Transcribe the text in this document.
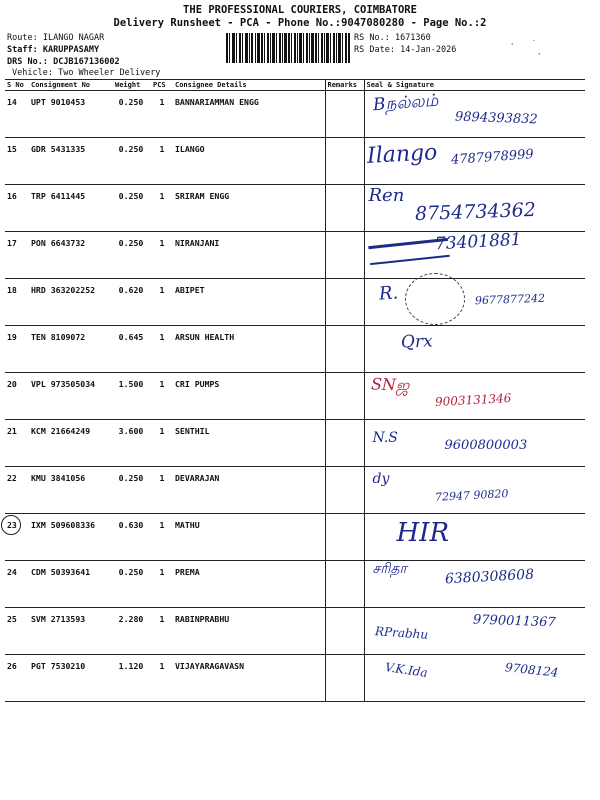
THE PROFESSIONAL COURIERS, COIMBATORE
Delivery Runsheet - PCA - Phone No.:9047080280 - Page No.:2
Route: ILANGO NAGAR
Staff: KARUPPASAMY
DRS No.: DCJB167136002
Vehicle: Two Wheeler Delivery
RS No.: 1671360
RS Date: 14-Jan-2026	·   ˙
·
S No	Consignment No	Weight	PCS	Consignee Details	Remarks	Seal & Signature
14	UPT 9010453	0.250	1	BANNARIAMMAN ENGG		Bநல்லம்
9894393832

15	GDR 5431335	0.250	1	ILANGO		Ilango 4787978999

16	TRP 6411445	0.250	1	SRIRAM ENGG		Ren
8754734362

17	PON 6643732	0.250	1	NIRANJANI		73401881

18	HRD 363202252	0.620	1	ABIPET		R. 9677877242

19	TEN 8109072	0.645	1	ARSUN HEALTH		Qrx

20	VPL 973505034	1.500	1	CRI PUMPS		SNஜ
9003131346

21	KCM 21664249	3.600	1	SENTHIL		N.S 9600800003

22	KMU 3841056	0.250	1	DEVARAJAN		dy
72947 90820

23	IXM 509608336	0.630	1	MATHU		HIR

24	CDM 50393641	0.250	1	PREMA		சரிதா 6380308608

25	SVM 2713593	2.280	1	RABINPRABHU		RPrabhu
9790011367

26	PGT 7530210	1.120	1	VIJAYARAGAVASN		V.K.Ida 9708124
